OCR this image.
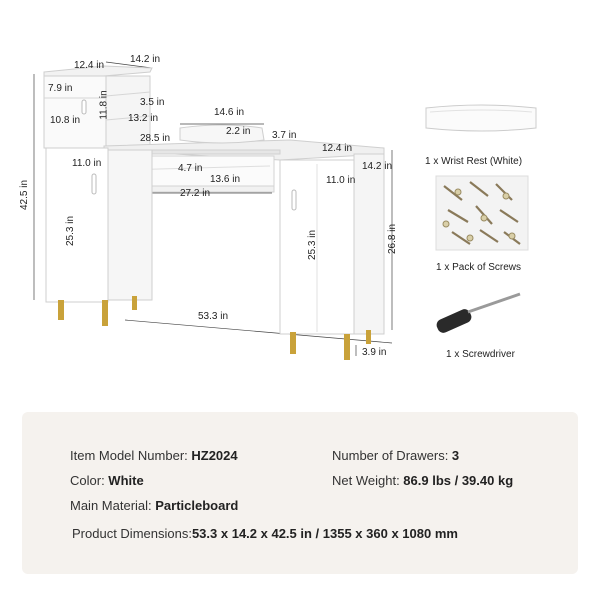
12.4 in
14.2 in
7.9 in
11.8 in
10.8 in
3.5 in
13.2 in
14.6 in
2.2 in 3.7 in
28.5 in
12.4 in
14.2 in
11.0 in	4.7 in
13.6 in
27.2 in
11.0 in
42.5 in
25.3 in	25.3 in	26.8 in
53.3 in
3.9 in
1 x Wrist Rest (White)
1 x Pack of Screws
1 x Screwdriver
Item Model Number: HZ2024	Number of Drawers: 3
Color: White	Net Weight: 86.9 lbs / 39.40 kg
Main Material: Particleboard
Product Dimensions:53.3 x 14.2 x 42.5 in / 1355 x 360 x 1080 mm
